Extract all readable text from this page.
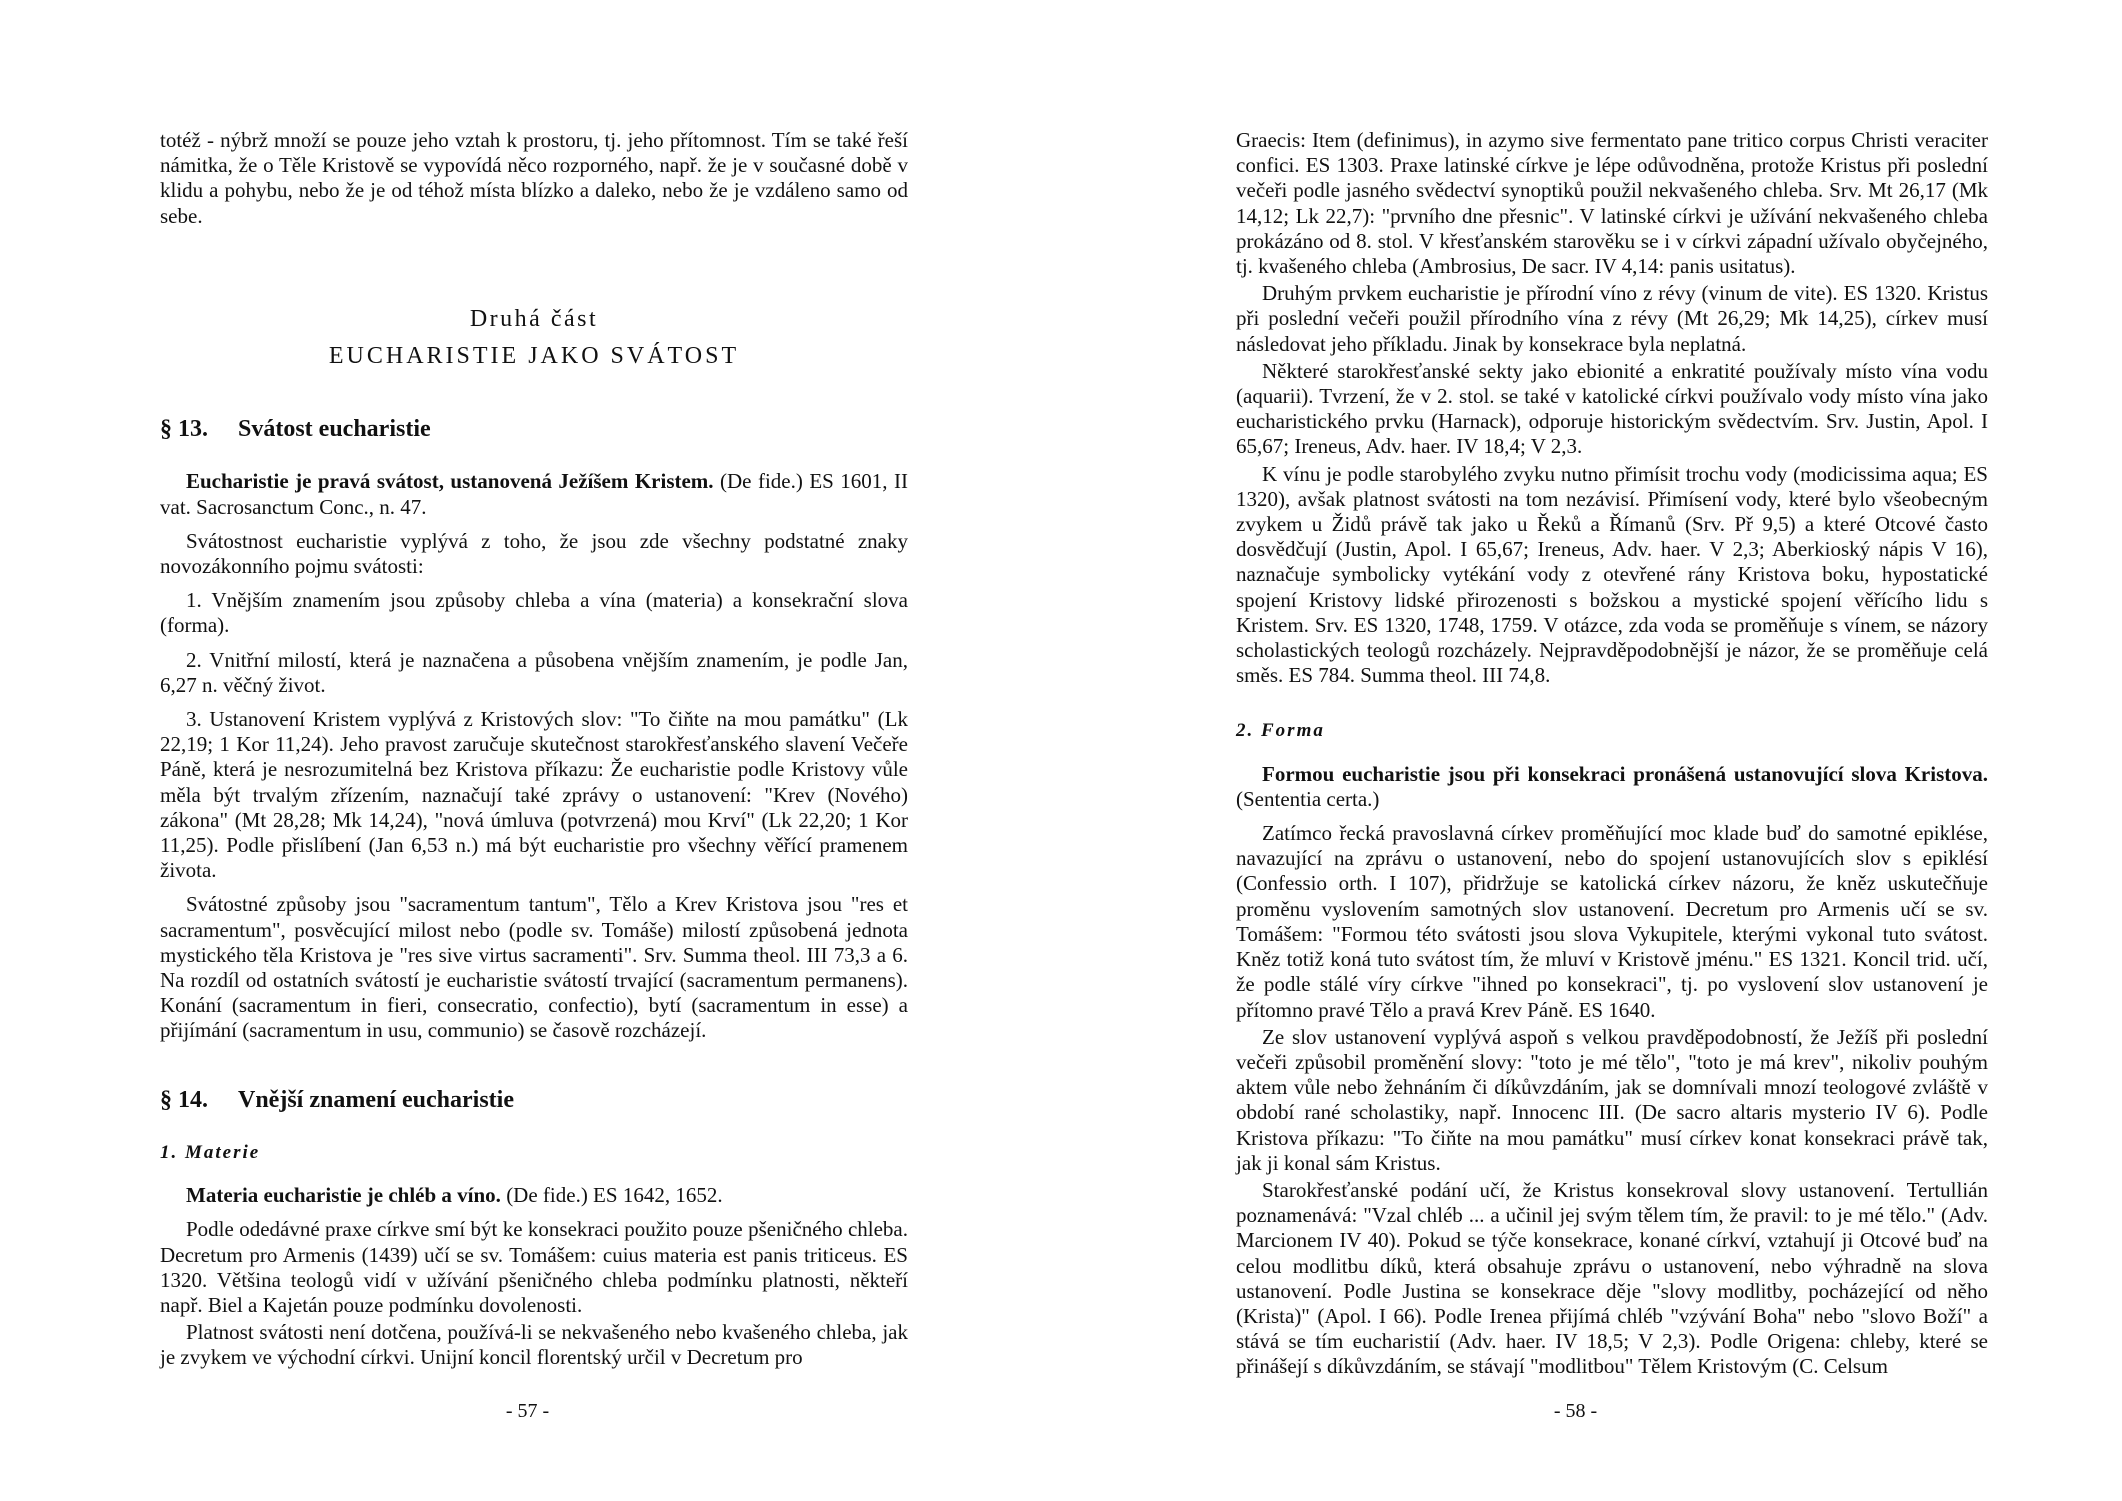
totéž - nýbrž množí se pouze jeho vztah k prostoru, tj. jeho přítomnost. Tím se také řeší námitka, že o Těle Kristově se vypovídá něco rozporného, např. že je v současné době v klidu a pohybu, nebo že je od téhož místa blízko a daleko, nebo že je vzdáleno samo od sebe.

Druhá část
EUCHARISTIE JAKO SVÁTOST
§ 13. Svátost eucharistie

Eucharistie je pravá svátost, ustanovená Ježíšem Kristem. (De fide.) ES 1601, II vat. Sacrosanctum Conc., n. 47.

Svátostnost eucharistie vyplývá z toho, že jsou zde všechny podstatné znaky novozákonního pojmu svátosti:

1. Vnějším znamením jsou způsoby chleba a vína (materia) a konsekrační slova (forma).

2. Vnitřní milostí, která je naznačena a působena vnějším znamením, je podle Jan, 6,27 n. věčný život.

3. Ustanovení Kristem vyplývá z Kristových slov: "To čiňte na mou památku" (Lk 22,19; 1 Kor 11,24). Jeho pravost zaručuje skutečnost starokřesťanského slavení Večeře Páně, která je nesrozumitelná bez Kristova příkazu: Že eucharistie podle Kristovy vůle měla být trvalým zřízením, naznačují také zprávy o ustanovení: "Krev (Nového) zákona" (Mt 28,28; Mk 14,24), "nová úmluva (potvrzená) mou Krví" (Lk 22,20; 1 Kor 11,25). Podle přislíbení (Jan 6,53 n.) má být eucharistie pro všechny věřící pramenem života.

Svátostné způsoby jsou "sacramentum tantum", Tělo a Krev Kristova jsou "res et sacramentum", posvěcující milost nebo (podle sv. Tomáše) milostí způsobená jednota mystického těla Kristova je "res sive virtus sacramenti". Srv. Summa theol. III 73,3 a 6. Na rozdíl od ostatních svátostí je eucharistie svátostí trvající (sacramentum permanens). Konání (sacramentum in fieri, consecratio, confectio), bytí (sacramentum in esse) a přijímání (sacramentum in usu, communio) se časově rozcházejí.

§ 14. Vnější znamení eucharistie
1. Materie

Materia eucharistie je chléb a víno. (De fide.) ES 1642, 1652.

Podle odedávné praxe církve smí být ke konsekraci použito pouze pšeničného chleba. Decretum pro Armenis (1439) učí se sv. Tomášem: cuius materia est panis triticeus. ES 1320. Většina teologů vidí v užívání pšeničného chleba podmínku platnosti, někteří např. Biel a Kajetán pouze podmínku dovolenosti.

Platnost svátosti není dotčena, používá-li se nekvašeného nebo kvašeného chleba, jak je zvykem ve východní církvi. Unijní koncil florentský určil v Decretum pro

- 57 -

Graecis: Item (definimus), in azymo sive fermentato pane tritico corpus Christi veraciter confici. ES 1303. Praxe latinské církve je lépe odůvodněna, protože Kristus při poslední večeři podle jasného svědectví synoptiků použil nekvašeného chleba. Srv. Mt 26,17 (Mk 14,12; Lk 22,7): "prvního dne přesnic". V latinské církvi je užívání nekvašeného chleba prokázáno od 8. stol. V křesťanském starověku se i v církvi západní užívalo obyčejného, tj. kvašeného chleba (Ambrosius, De sacr. IV 4,14: panis usitatus).

Druhým prvkem eucharistie je přírodní víno z révy (vinum de vite). ES 1320. Kristus při poslední večeři použil přírodního vína z révy (Mt 26,29; Mk 14,25), církev musí následovat jeho příkladu. Jinak by konsekrace byla neplatná.

Některé starokřesťanské sekty jako ebionité a enkratité používaly místo vína vodu (aquarii). Tvrzení, že v 2. stol. se také v katolické církvi používalo vody místo vína jako eucharistického prvku (Harnack), odporuje historickým svědectvím. Srv. Justin, Apol. I 65,67; Ireneus, Adv. haer. IV 18,4; V 2,3.

K vínu je podle starobylého zvyku nutno přimísit trochu vody (modicissima aqua; ES 1320), avšak platnost svátosti na tom nezávisí. Přimísení vody, které bylo všeobecným zvykem u Židů právě tak jako u Řeků a Římanů (Srv. Př 9,5) a které Otcové často dosvědčují (Justin, Apol. I 65,67; Ireneus, Adv. haer. V 2,3; Aberkioský nápis V 16), naznačuje symbolicky vytékání vody z otevřené rány Kristova boku, hypostatické spojení Kristovy lidské přirozenosti s božskou a mystické spojení věřícího lidu s Kristem. Srv. ES 1320, 1748, 1759. V otázce, zda voda se proměňuje s vínem, se názory scholastických teologů rozcházely. Nejpravděpodobnější je názor, že se proměňuje celá směs. ES 784. Summa theol. III 74,8.

2. Forma

Formou eucharistie jsou při konsekraci pronášená ustanovující slova Kristova. (Sententia certa.)

Zatímco řecká pravoslavná církev proměňující moc klade buď do samotné epiklése, navazující na zprávu o ustanovení, nebo do spojení ustanovujících slov s epiklésí (Confessio orth. I 107), přidržuje se katolická církev názoru, že kněz uskutečňuje proměnu vyslovením samotných slov ustanovení. Decretum pro Armenis učí se sv. Tomášem: "Formou této svátosti jsou slova Vykupitele, kterými vykonal tuto svátost. Kněz totiž koná tuto svátost tím, že mluví v Kristově jménu." ES 1321. Koncil trid. učí, že podle stálé víry církve "ihned po konsekraci", tj. po vyslovení slov ustanovení je přítomno pravé Tělo a pravá Krev Páně. ES 1640.

Ze slov ustanovení vyplývá aspoň s velkou pravděpodobností, že Ježíš při poslední večeři způsobil proměnění slovy: "toto je mé tělo", "toto je má krev", nikoliv pouhým aktem vůle nebo žehnáním či díkůvzdáním, jak se domnívali mnozí teologové zvláště v období rané scholastiky, např. Innocenc III. (De sacro altaris mysterio IV 6). Podle Kristova příkazu: "To čiňte na mou památku" musí církev konat konsekraci právě tak, jak ji konal sám Kristus.

Starokřesťanské podání učí, že Kristus konsekroval slovy ustanovení. Tertullián poznamenává: "Vzal chléb ... a učinil jej svým tělem tím, že pravil: to je mé tělo." (Adv. Marcionem IV 40). Pokud se týče konsekrace, konané církví, vztahují ji Otcové buď na celou modlitbu díků, která obsahuje zprávu o ustanovení, nebo výhradně na slova ustanovení. Podle Justina se konsekrace děje "slovy modlitby, pocházející od něho (Krista)" (Apol. I 66). Podle Irenea přijímá chléb "vzývání Boha" nebo "slovo Boží" a stává se tím eucharistií (Adv. haer. IV 18,5; V 2,3). Podle Origena: chleby, které se přinášejí s díkůvzdáním, se stávají "modlitbou" Tělem Kristovým (C. Celsum

- 58 -
